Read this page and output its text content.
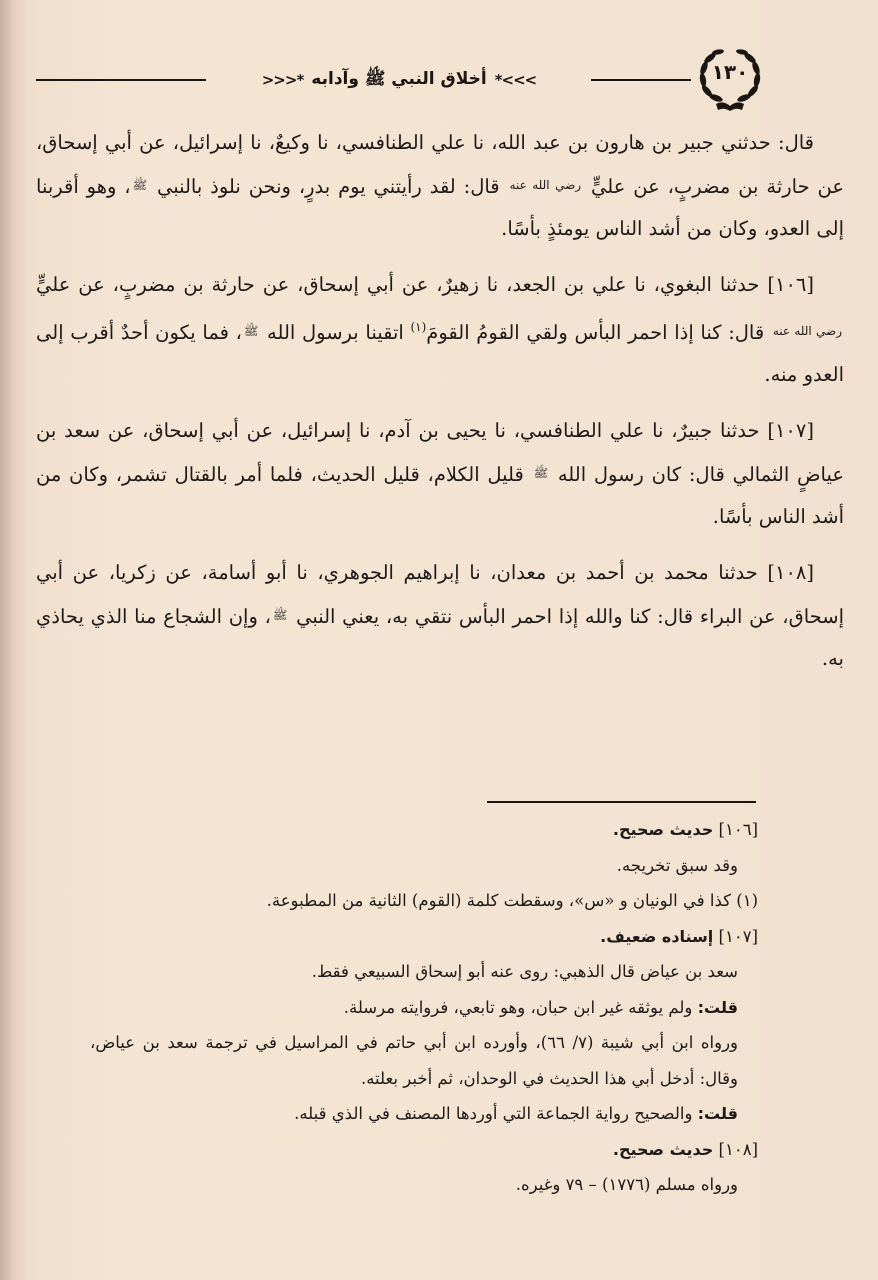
*<<<
أخلاق النبي ﷺ وآدابه
>>>*	١٣٠

قال: حدثني جبير بن هارون بن عبد الله، نا علي الطنافسي، نا وكيعٌ، نا إسرائيل، عن أبي إسحاق، عن حارثة بن مضربٍ، عن عليٍّ $^{رضي الله عنه}$ قال: لقد رأيتني يوم بدرٍ، ونحن نلوذ بالنبي $^ﷺ$، وهو أقربنا إلى العدو، وكان من أشد الناس يومئذٍ بأسًا.

[١٠٦] حدثنا البغوي، نا علي بن الجعد، نا زهيرٌ، عن أبي إسحاق، عن حارثة بن مضربٍ، عن عليٍّ $^{رضي الله عنه}$ قال: كنا إذا احمر البأس ولقي القومُ القومَ$^{(١)}$ اتقينا برسول الله $^ﷺ$، فما يكون أحدٌ أقرب إلى العدو منه.

[١٠٧] حدثنا جبيرٌ، نا علي الطنافسي، نا يحيى بن آدم، نا إسرائيل، عن أبي إسحاق، عن سعد بن عياضٍ الثمالي قال: كان رسول الله $^ﷺ$ قليل الكلام، قليل الحديث، فلما أمر بالقتال تشمر، وكان من أشد الناس بأسًا.

[١٠٨] حدثنا محمد بن أحمد بن معدان، نا إبراهيم الجوهري، نا أبو أسامة، عن زكريا، عن أبي إسحاق، عن البراء قال: كنا والله إذا احمر البأس نتقي به، يعني النبي $^ﷺ$، وإن الشجاع منا الذي يحاذي به.

[١٠٦] حديث صحيح.

وقد سبق تخريجه.

(١) كذا في الونيان و «س»، وسقطت كلمة (القوم) الثانية من المطبوعة.

[١٠٧] إسناده ضعيف.

سعد بن عياض قال الذهبي: روى عنه أبو إسحاق السبيعي فقط.

قلت: ولم يوثقه غير ابن حبان، وهو تابعي، فروايته مرسلة.

ورواه ابن أبي شيبة (٧/ ٦٦)، وأورده ابن أبي حاتم في المراسيل في ترجمة سعد بن عياض، وقال: أدخل أبي هذا الحديث في الوحدان، ثم أخبر بعلته.

قلت: والصحيح رواية الجماعة التي أوردها المصنف في الذي قبله.

[١٠٨] حديث صحيح.

ورواه مسلم (١٧٧٦) – ٧٩ وغيره.
